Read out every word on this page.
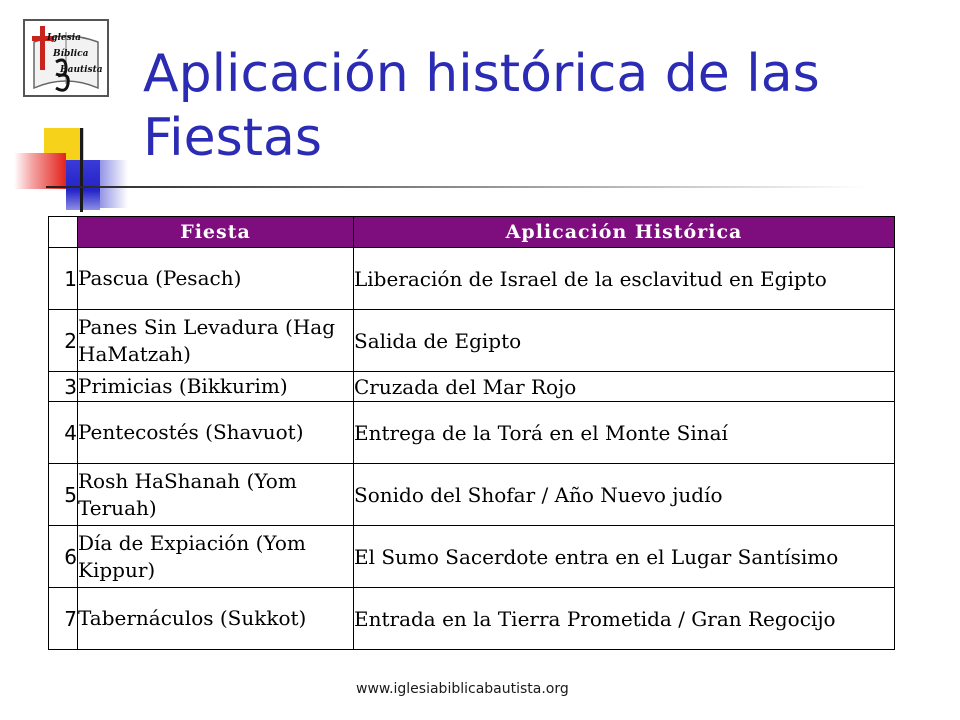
Iglesia
Bíblica
Bautista Aplicación histórica de las Fiestas
	Fiesta	Aplicación Histórica
1	Pascua (Pesach)	Liberación de Israel de la esclavitud en Egipto
2	Panes Sin Levadura (Hag HaMatzah)	Salida de Egipto
3	Primicias (Bikkurim)	Cruzada del Mar Rojo
4	Pentecostés (Shavuot)	Entrega de la Torá en el Monte Sinaí
5	Rosh HaShanah (Yom Teruah)	Sonido del Shofar / Año Nuevo judío
6	Día de Expiación (Yom Kippur)	El Sumo Sacerdote entra en el Lugar Santísimo
7	Tabernáculos (Sukkot)	Entrada en la Tierra Prometida / Gran Regocijo
www.iglesiabiblicabautista.org
